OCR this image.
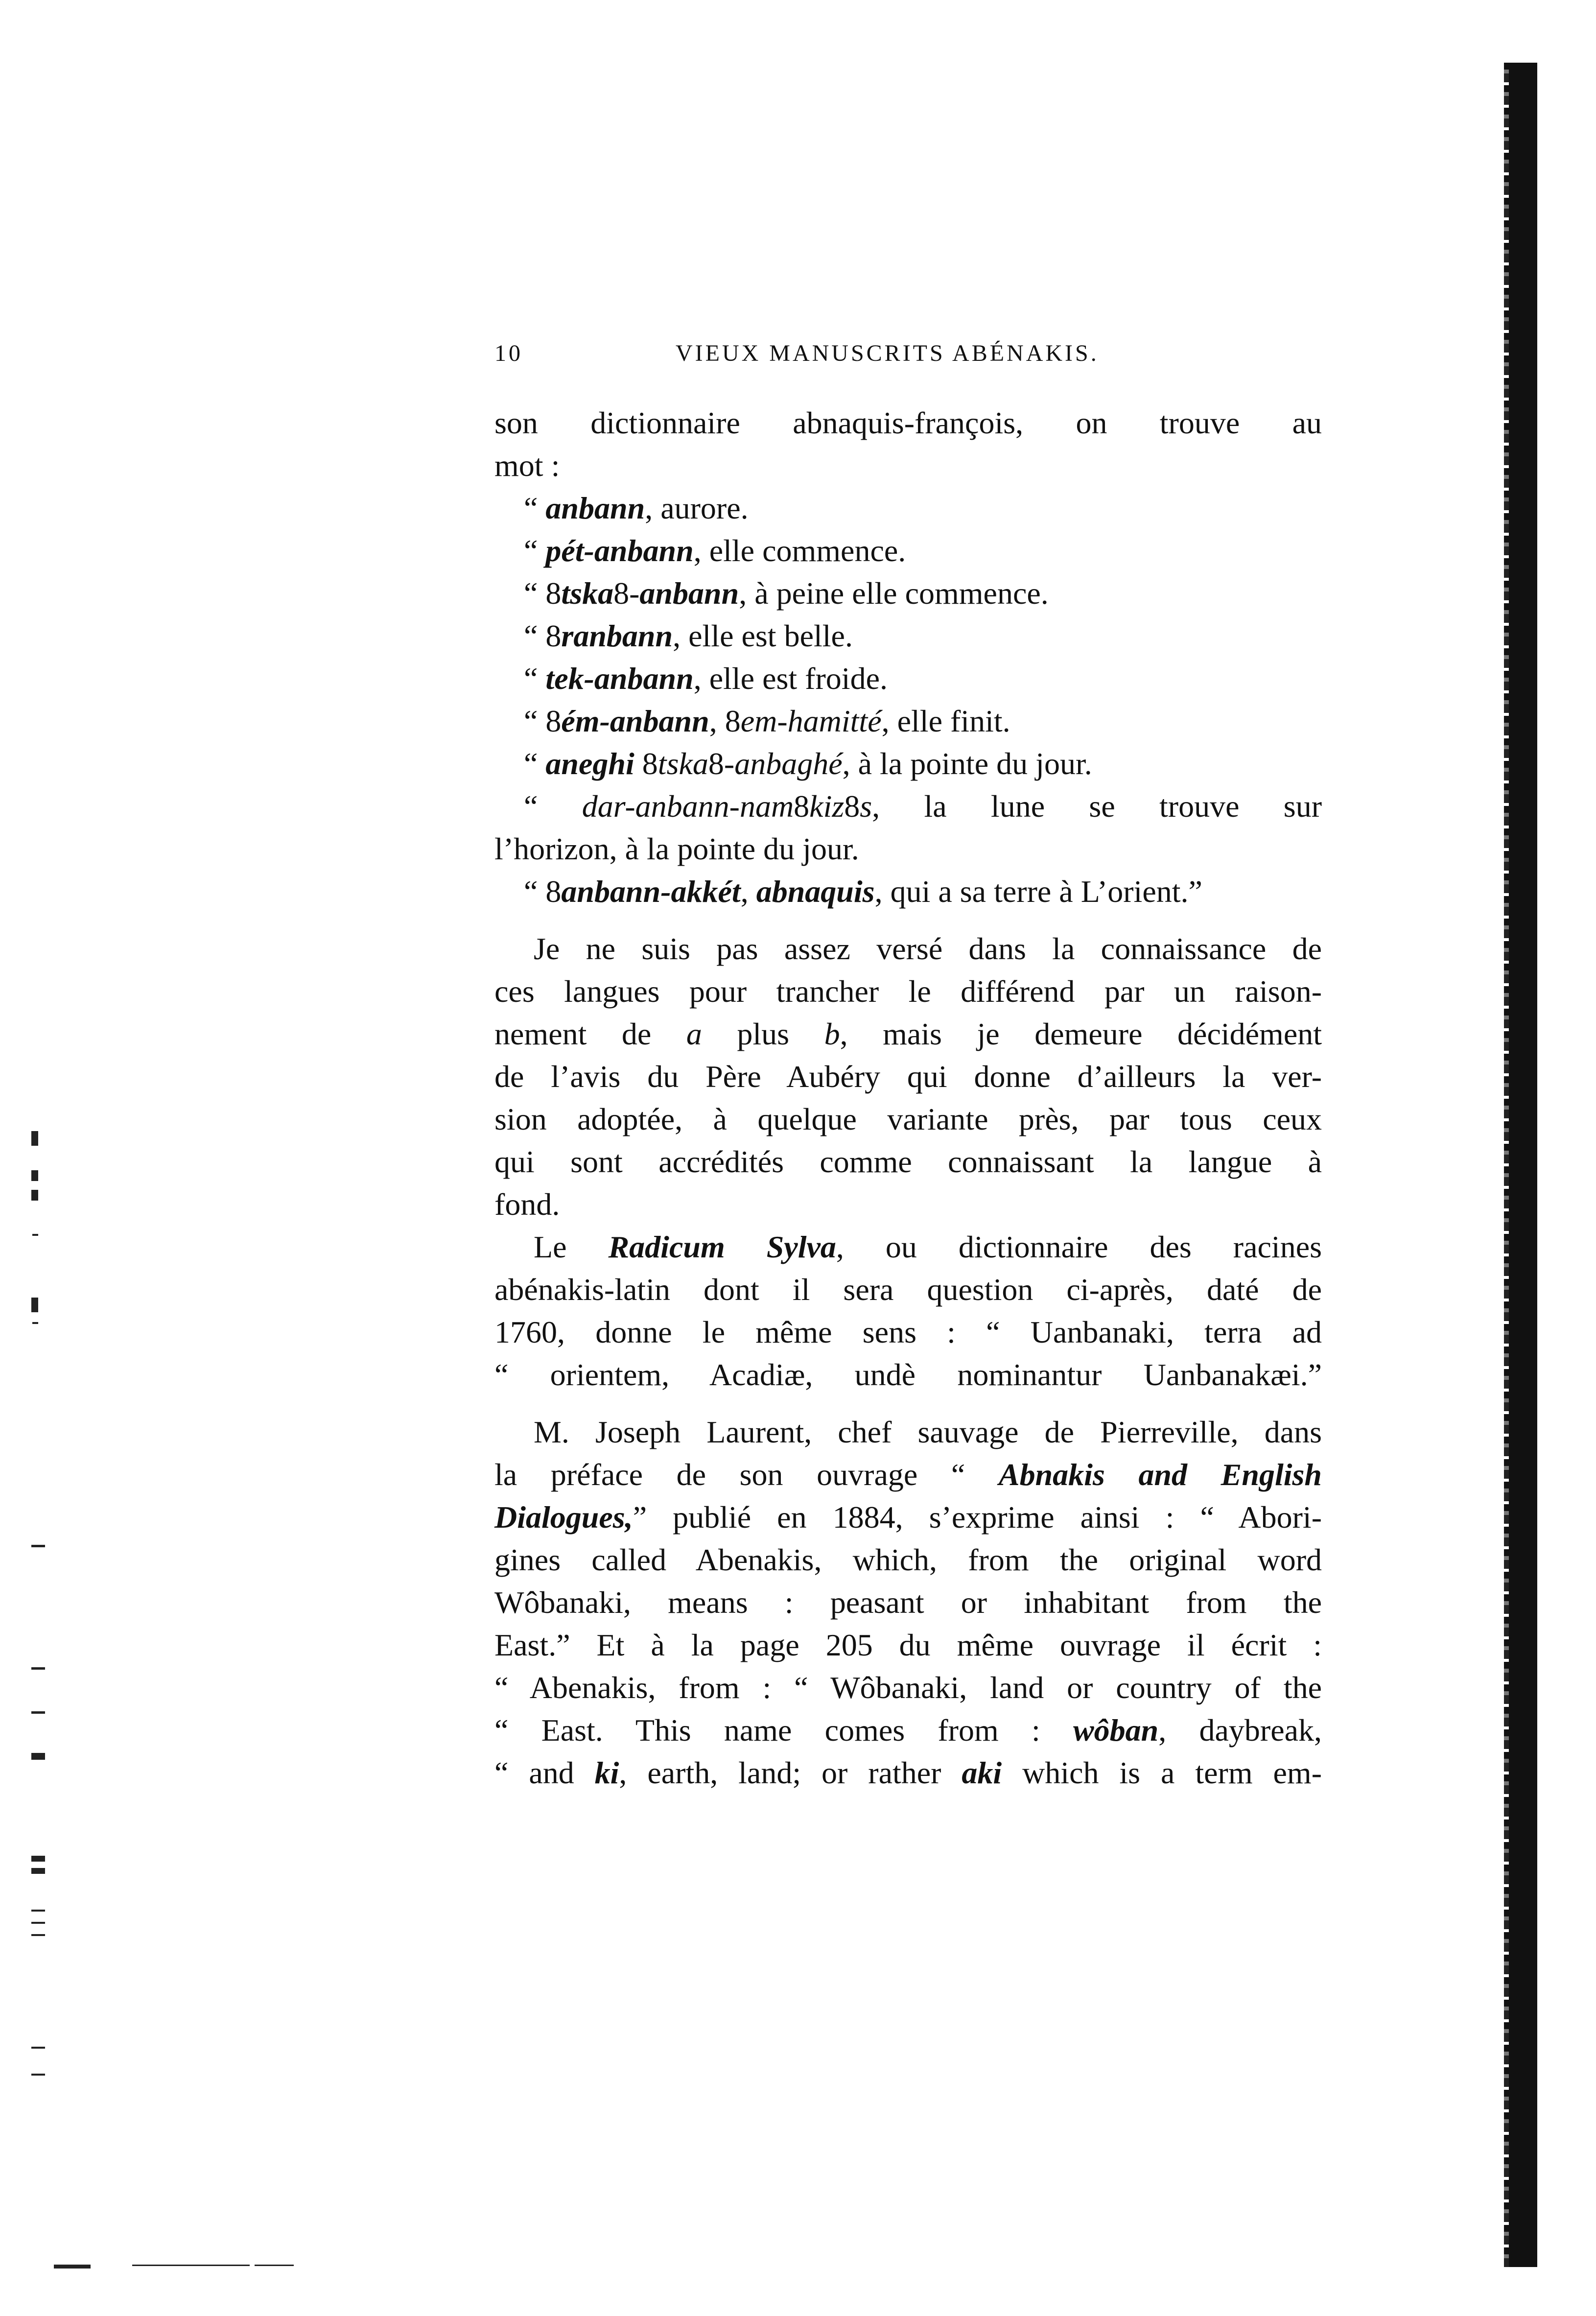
10	VIEUX MANUSCRITS ABÉNAKIS.
son dictionnaire abnaquis-françois, on trouve au
mot :
“ anbann, aurore.
“ pét-anbann, elle commence.
“ 8tska8-anbann, à peine elle commence.
“ 8ranbann, elle est belle.
“ tek-anbann, elle est froide.
“ 8ém-anbann, 8em-hamitté, elle finit.
“ aneghi 8tska8-anbaghé, à la pointe du jour.
“ dar-anbann-nam8kiz8s, la lune se trouve sur
l’horizon, à la pointe du jour.
“ 8anbann-akkét, abnaquis, qui a sa terre à L’orient.”
Je ne suis pas assez versé dans la connaissance de
ces langues pour trancher le différend par un raison-
nement de a plus b, mais je demeure décidément
de l’avis du Père Aubéry qui donne d’ailleurs la ver-
sion adoptée, à quelque variante près, par tous ceux
qui sont accrédités comme connaissant la langue à
fond.
Le Radicum Sylva, ou dictionnaire des racines
abénakis-latin dont il sera question ci-après, daté de
1760, donne le même sens : “ Uanbanaki, terra ad
“ orientem, Acadiæ, undè nominantur Uanbanakæi.”
M. Joseph Laurent, chef sauvage de Pierreville, dans
la préface de son ouvrage “ Abnakis and English
Dialogues,” publié en 1884, s’exprime ainsi : “ Abori-
gines called Abenakis, which, from the original word
Wôbanaki, means : peasant or inhabitant from the
East.” Et à la page 205 du même ouvrage il écrit :
“ Abenakis, from : “ Wôbanaki, land or country of the
“ East. This name comes from : wôban, daybreak,
“ and ki, earth, land; or rather aki which is a term em-
